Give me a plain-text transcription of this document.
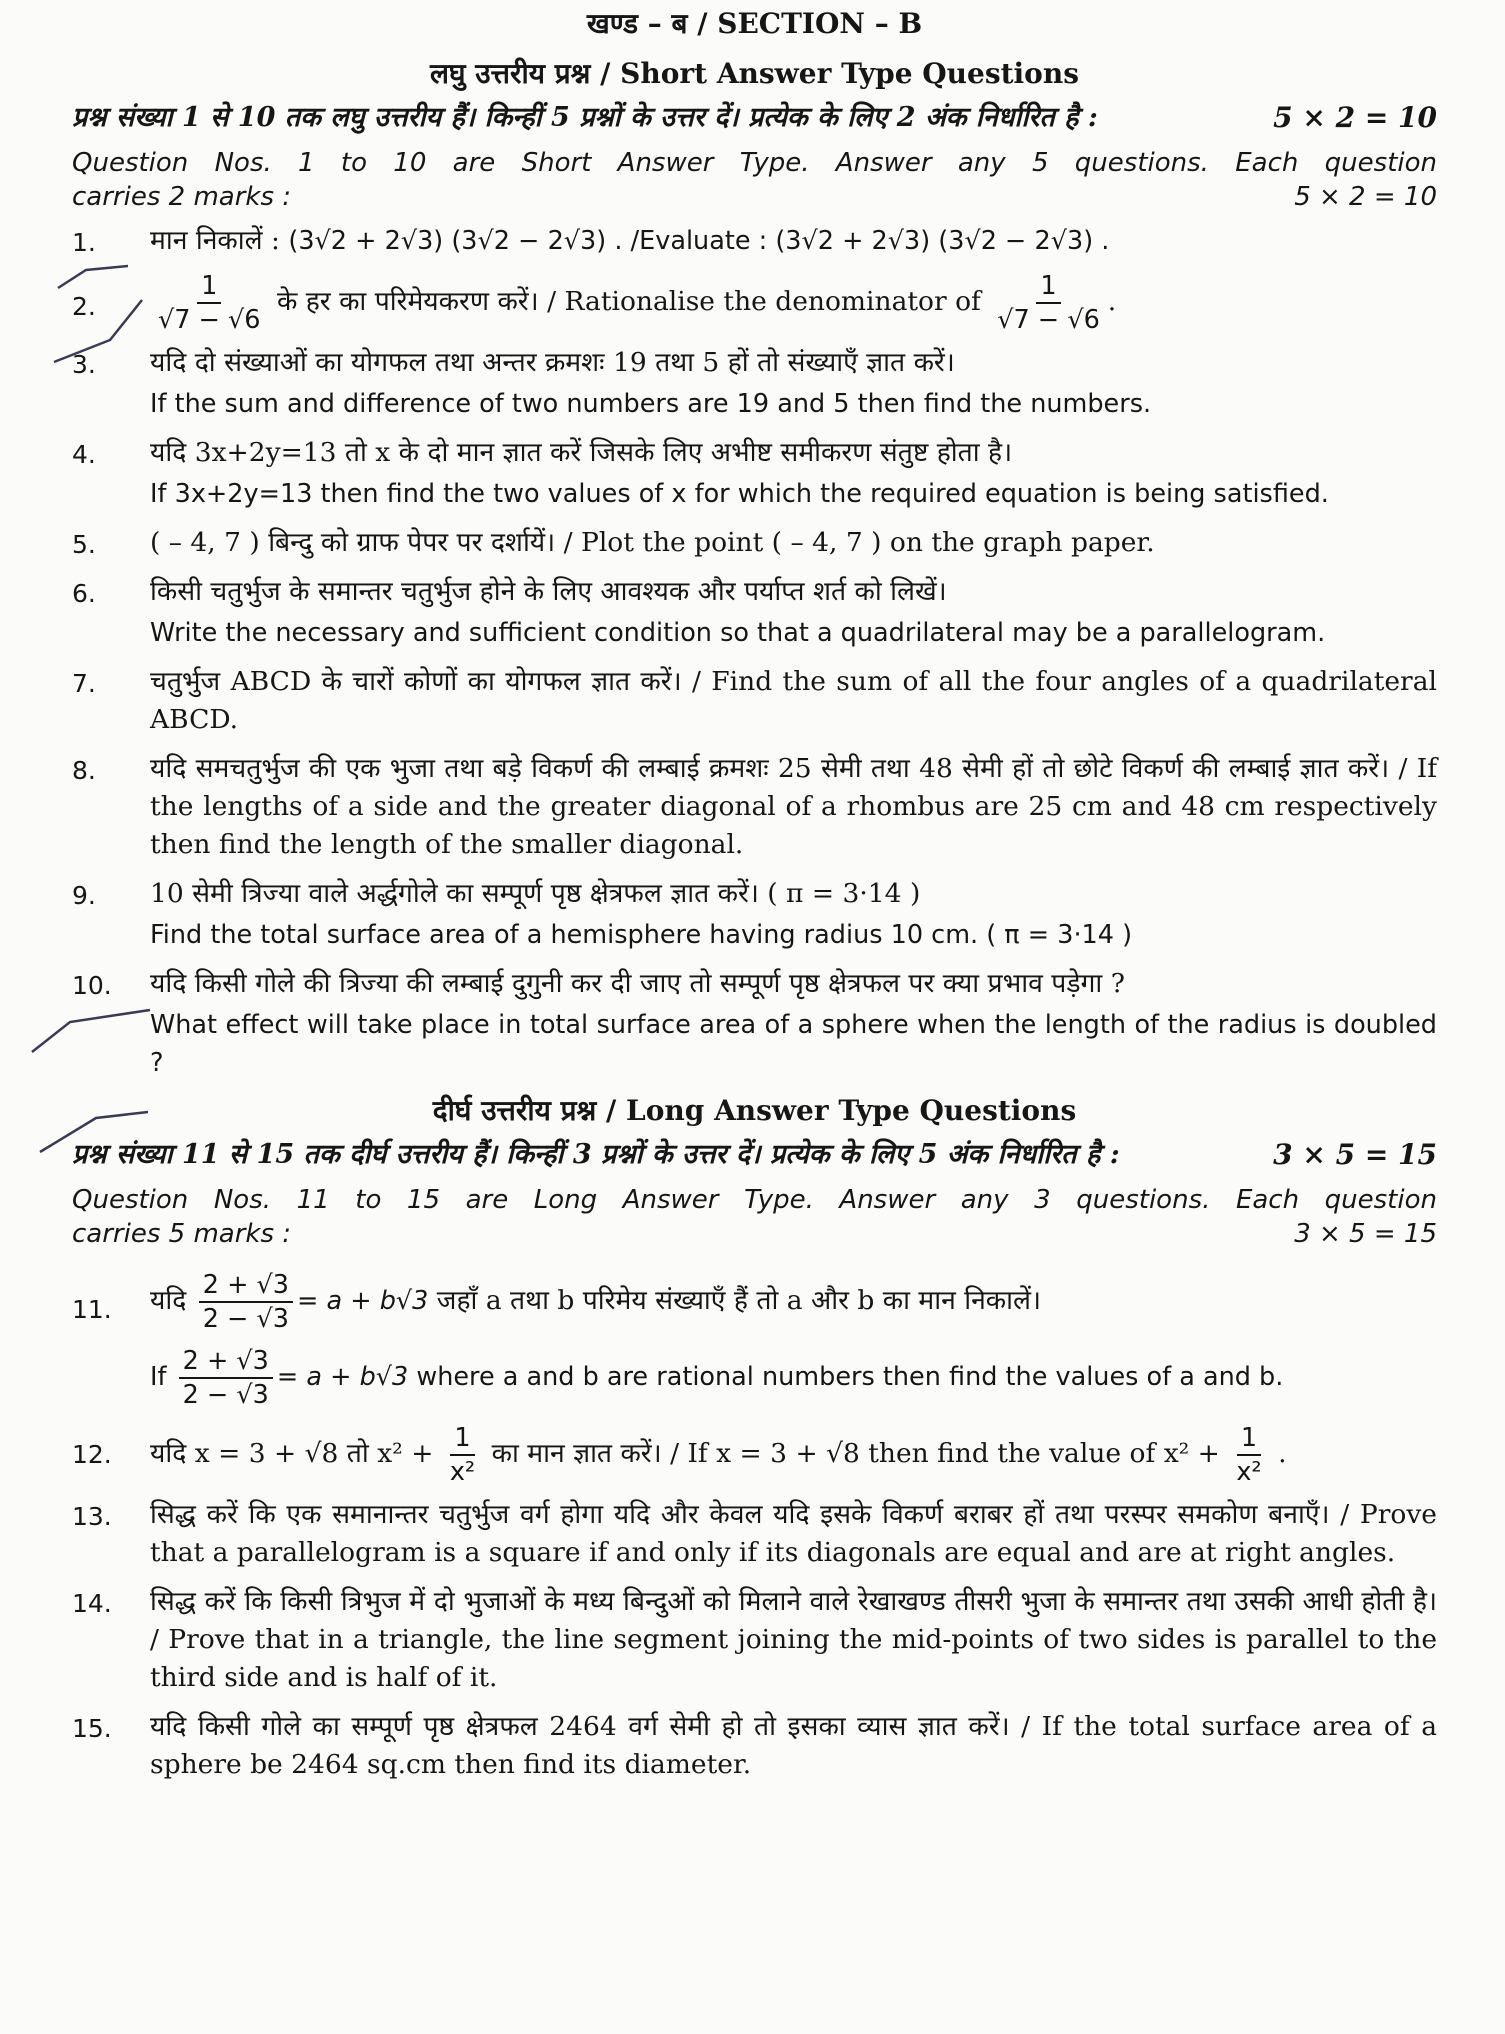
खण्ड – ब / SECTION – B
लघु उत्तरीय प्रश्न / Short Answer Type Questions
प्रश्न संख्या 1 से 10 तक लघु उत्तरीय हैं। किन्हीं 5 प्रश्नों के उत्तर दें। प्रत्येक के लिए 2 अंक निर्धारित है :	5 × 2 = 10
Question Nos. 1 to 10 are Short Answer Type. Answer any 5 questions. Each question
carries 2 marks :	5 × 2 = 10
1.	मान निकालें : (3√2 + 2√3) (3√2 − 2√3) . /Evaluate : (3√2 + 2√3) (3√2 − 2√3) .
2.	$\frac{1}{√7 - √6}$ के हर का परिमेयकरण करें। / Rationalise the denominator of $\frac{1}{√7 - √6}$ .
3.	यदि दो संख्याओं का योगफल तथा अन्तर क्रमशः 19 तथा 5 हों तो संख्याएँ ज्ञात करें।

If the sum and difference of two numbers are 19 and 5 then find the numbers.

4.	यदि 3x+2y=13 तो x के दो मान ज्ञात करें जिसके लिए अभीष्ट समीकरण संतुष्ट होता है।

If 3x+2y=13 then find the two values of x for which the required equation is being satisfied.

5.	( – 4, 7 ) बिन्दु को ग्राफ पेपर पर दर्शायें। / Plot the point ( – 4, 7 ) on the graph paper.

6.	किसी चतुर्भुज के समान्तर चतुर्भुज होने के लिए आवश्यक और पर्याप्त शर्त को लिखें।

Write the necessary and sufficient condition so that a quadrilateral may be a parallelogram.

7.	चतुर्भुज ABCD के चारों कोणों का योगफल ज्ञात करें। / Find the sum of all the four angles of a quadrilateral ABCD.

8.	यदि समचतुर्भुज की एक भुजा तथा बड़े विकर्ण की लम्बाई क्रमशः 25 सेमी तथा 48 सेमी हों तो छोटे विकर्ण की लम्बाई ज्ञात करें। / If the lengths of a side and the greater diagonal of a rhombus are 25 cm and 48 cm respectively then find the length of the smaller diagonal.

9.	10 सेमी त्रिज्या वाले अर्द्धगोले का सम्पूर्ण पृष्ठ क्षेत्रफल ज्ञात करें। ( π = 3·14 )

Find the total surface area of a hemisphere having radius 10 cm. ( π = 3·14 )

10.	यदि किसी गोले की त्रिज्या की लम्बाई दुगुनी कर दी जाए तो सम्पूर्ण पृष्ठ क्षेत्रफल पर क्या प्रभाव पड़ेगा ?

What effect will take place in total surface area of a sphere when the length of the radius is doubled ?

दीर्घ उत्तरीय प्रश्न / Long Answer Type Questions
प्रश्न संख्या 11 से 15 तक दीर्घ उत्तरीय हैं। किन्हीं 3 प्रश्नों के उत्तर दें। प्रत्येक के लिए 5 अंक निर्धारित है :	3 × 5 = 15
Question Nos. 11 to 15 are Long Answer Type. Answer any 3 questions. Each question
carries 5 marks :	3 × 5 = 15
11.	यदि $\frac{2 + √3}{2 - √3} = a + b√3$ जहाँ a तथा b परिमेय संख्याएँ हैं तो a और b का मान निकालें।

If $\frac{2 + √3}{2 - √3} = a + b√3$ where a and b are rational numbers then find the values of a and b.

12.	यदि x = 3 + √8 तो $x^2 + \frac{1}{\text{x²}}$ का मान ज्ञात करें। / If x = 3 + √8 then find the value of $x^2 + \frac{1}{\text{x²}}$ .
13.	सिद्ध करें कि एक समानान्तर चतुर्भुज वर्ग होगा यदि और केवल यदि इसके विकर्ण बराबर हों तथा परस्पर समकोण बनाएँ। / Prove that a parallelogram is a square if and only if its diagonals are equal and are at right angles.

14.	सिद्ध करें कि किसी त्रिभुज में दो भुजाओं के मध्य बिन्दुओं को मिलाने वाले रेखाखण्ड तीसरी भुजा के समान्तर तथा उसकी आधी होती है। / Prove that in a triangle, the line segment joining the mid-points of two sides is parallel to the third side and is half of it.

15.	यदि किसी गोले का सम्पूर्ण पृष्ठ क्षेत्रफल 2464 वर्ग सेमी हो तो इसका व्यास ज्ञात करें। / If the total surface area of a sphere be 2464 sq.cm then find its diameter.
